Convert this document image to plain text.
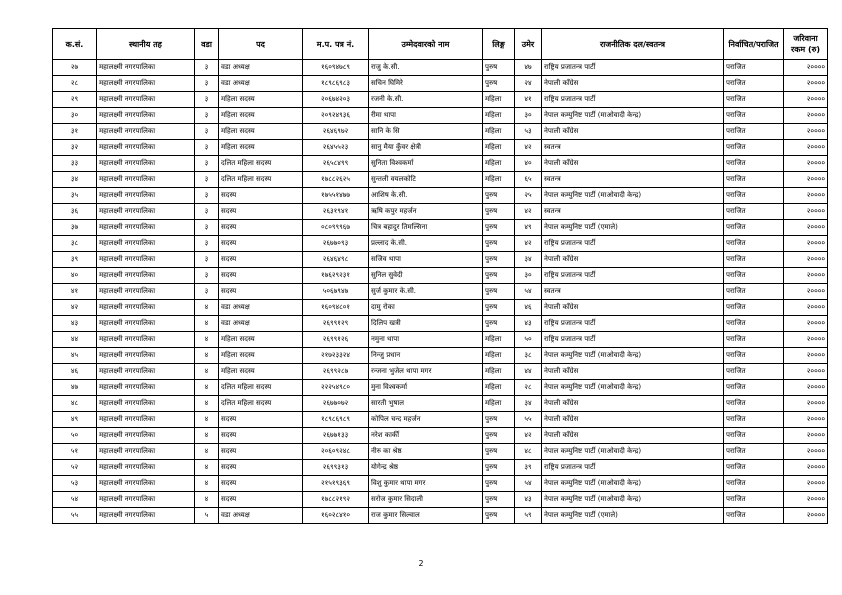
क.सं.	स्थानीय तह	वडा	पद	म.प. पत्र नं.	उम्मेदवारको नाम	लिङ्ग	उमेर	राजनीतिक दल/स्वतन्त्र	निर्वाचित/पराजित	जरिवाना रकम (रु)
२७	महालक्ष्मी नगरपालिका	३	वडा अध्यक्ष	१६०९४७८९	राजु के.सी.	पुरुष	४७	राष्ट्रिय प्रजातन्त्र पार्टी	पराजित	२००००
२८	महालक्ष्मी नगरपालिका	३	वडा अध्यक्ष	१८९८६९८३	सचिन घिमिरे	पुरुष	२४	नेपाली काँग्रेस	पराजित	२००००
२९	महालक्ष्मी नगरपालिका	३	महिला सदस्य	२०६७४२०३	रजनी के.सी.	महिला	४१	राष्ट्रिय प्रजातन्त्र पार्टी	पराजित	२००००
३०	महालक्ष्मी नगरपालिका	३	महिला सदस्य	२०९२४९३६	रीमा थापा	महिला	३०	नेपाल कम्युनिष्ट पार्टी (माओवादी केन्द्र)	पराजित	२००००
३१	महालक्ष्मी नगरपालिका	३	महिला सदस्य	२६४६९७२	सानि के सि	महिला	५३	नेपाली काँग्रेस	पराजित	२००००
३२	महालक्ष्मी नगरपालिका	३	महिला सदस्य	२६४५५२३	सानु मैया कुँवर क्षेत्री	महिला	४२	स्वतन्त्र	पराजित	२००००
३३	महालक्ष्मी नगरपालिका	३	दलित महिला सदस्य	२६५८४९९	सुनिता विश्वकर्मा	महिला	४०	नेपाली काँग्रेस	पराजित	२००००
३४	महालक्ष्मी नगरपालिका	३	दलित महिला सदस्य	१७८८२६२५	सुन्तली वयलकोटि	महिला	६५	स्वतन्त्र	पराजित	२००००
३५	महालक्ष्मी नगरपालिका	३	सदस्य	१७५५१४७७	आशिष के.सी.	पुरुष	२५	नेपाल कम्युनिष्ट पार्टी (माओवादी केन्द्र)	पराजित	२००००
३६	महालक्ष्मी नगरपालिका	३	सदस्य	२६३१९४१	ऋषि कपुर महर्जन	पुरुष	४२	स्वतन्त्र	पराजित	२००००
३७	महालक्ष्मी नगरपालिका	३	सदस्य	०८०९९९६७	चित्र बहादुर तिमल्सिना	पुरुष	४९	नेपाल कम्युनिष्ट पार्टी (एमाले)	पराजित	२००००
३८	महालक्ष्मी नगरपालिका	३	सदस्य	२६७७०९३	प्रल्लाद के.सी.	पुरुष	४२	राष्ट्रिय प्रजातन्त्र पार्टी	पराजित	२००००
३९	महालक्ष्मी नगरपालिका	३	सदस्य	२६४६४९८	सजिव थापा	पुरुष	३४	नेपाली काँग्रेस	पराजित	२००००
४०	महालक्ष्मी नगरपालिका	३	सदस्य	१७६२९२३१	सुनिल सुवेदी	पुरुष	३०	राष्ट्रिय प्रजातन्त्र पार्टी	पराजित	२००००
४१	महालक्ष्मी नगरपालिका	३	सदस्य	५०६७९४७	सुर्ज कुमार के.सी.	पुरुष	५४	स्वतन्त्र	पराजित	२००००
४२	महालक्ष्मी नगरपालिका	४	वडा अध्यक्ष	१६०९४८०१	दामु रोका	पुरुष	४६	नेपाली काँग्रेस	पराजित	२००००
४३	महालक्ष्मी नगरपालिका	४	वडा अध्यक्ष	२६९९१२९	दिलिप खत्री	पुरुष	४३	राष्ट्रिय प्रजातन्त्र पार्टी	पराजित	२००००
४४	महालक्ष्मी नगरपालिका	४	महिला सदस्य	२६९९१२६	नमुना थापा	महिला	५०	राष्ट्रिय प्रजातन्त्र पार्टी	पराजित	२००००
४५	महालक्ष्मी नगरपालिका	४	महिला सदस्य	२१७२३३२४	निन्जु प्रधान	महिला	३८	नेपाल कम्युनिष्ट पार्टी (माओवादी केन्द्र)	पराजित	२००००
४६	महालक्ष्मी नगरपालिका	४	महिला सदस्य	२६९९२८७	रन्जना भुजेल थापा मगर	महिला	४४	नेपाली काँग्रेस	पराजित	२००००
४७	महालक्ष्मी नगरपालिका	४	दलित महिला सदस्य	२२२५४९८०	मुना विश्वकर्मा	महिला	२८	नेपाल कम्युनिष्ट पार्टी (माओवादी केन्द्र)	पराजित	२००००
४८	महालक्ष्मी नगरपालिका	४	दलित महिला सदस्य	२६७७०७२	सारती भुषाल	महिला	३४	नेपाली काँग्रेस	पराजित	२००००
४९	महालक्ष्मी नगरपालिका	४	सदस्य	१८९८६९८९	कोपिल चन्द महर्जन	पुरुष	५५	नेपाली काँग्रेस	पराजित	२००००
५०	महालक्ष्मी नगरपालिका	४	सदस्य	२६७७१३३	नरेश कार्की	पुरुष	४२	नेपाली काँग्रेस	पराजित	२००००
५१	महालक्ष्मी नगरपालिका	४	सदस्य	२०६०९२४८	नीरु का श्रेष्ठ	पुरुष	४८	नेपाल कम्युनिष्ट पार्टी (माओवादी केन्द्र)	पराजित	२००००
५२	महालक्ष्मी नगरपालिका	४	सदस्य	२६९९३१३	योगेन्द्र श्रेष्ठ	पुरुष	३९	राष्ट्रिय प्रजातन्त्र पार्टी	पराजित	२००००
५३	महालक्ष्मी नगरपालिका	४	सदस्य	२१५१९३६९	विशु कुमार थापा मगर	पुरुष	५४	नेपाल कम्युनिष्ट पार्टी (माओवादी केन्द्र)	पराजित	२००००
५४	महालक्ष्मी नगरपालिका	४	सदस्य	१७८८२१९२	सरोज कुमार सिदाली	पुरुष	४३	नेपाल कम्युनिष्ट पार्टी (माओवादी केन्द्र)	पराजित	२००००
५५	महालक्ष्मी नगरपालिका	५	वडा अध्यक्ष	१६०२८४१०	राज कुमार सिल्वाल	पुरुष	५९	नेपाल कम्युनिष्ट पार्टी (एमाले)	पराजित	२००००
2
